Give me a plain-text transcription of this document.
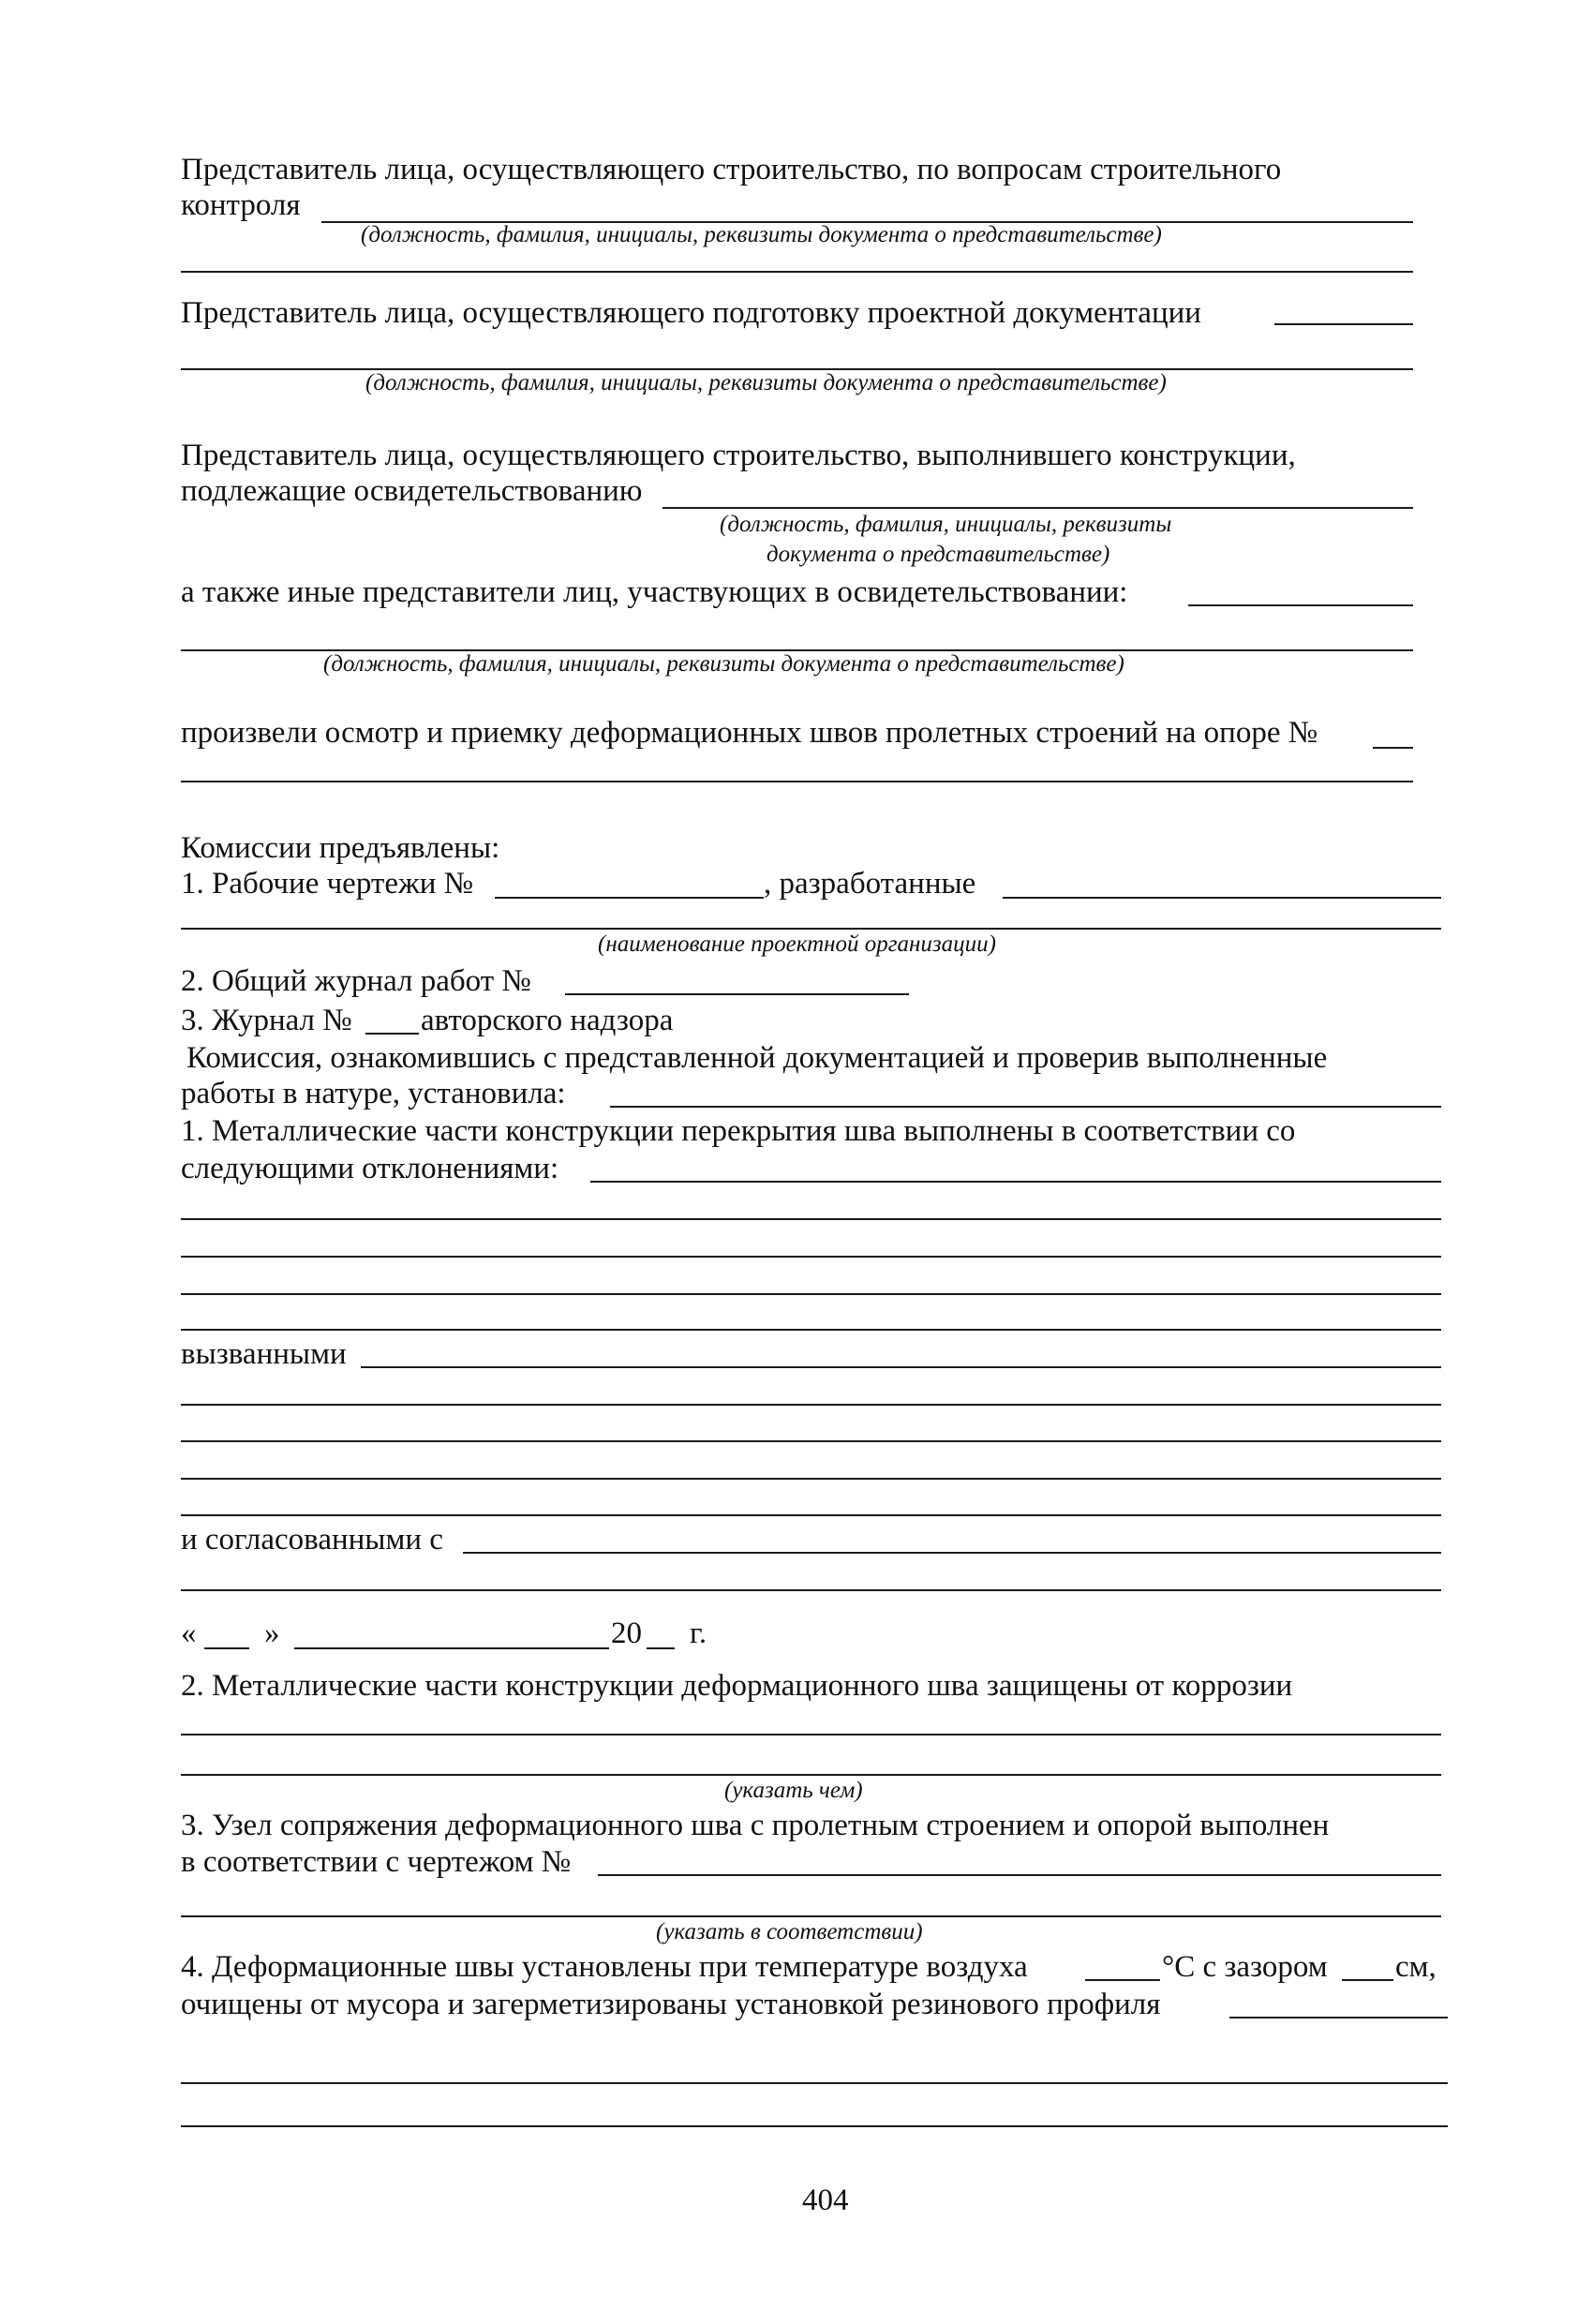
Представитель лица, осуществляющего строительство, по вопросам строительного
контроля
(должность, фамилия, инициалы, реквизиты документа о представительстве)
Представитель лица, осуществляющего подготовку проектной документации
(должность, фамилия, инициалы, реквизиты документа о представительстве)
Представитель лица, осуществляющего строительство, выполнившего конструкции,
подлежащие освидетельствованию
(должность, фамилия, инициалы, реквизиты
документа о представительстве)
а также иные представители лиц, участвующих в освидетельствовании:
(должность, фамилия, инициалы, реквизиты документа о представительстве)
произвели осмотр и приемку деформационных швов пролетных строений на опоре №
Комиссии предъявлены:
1. Рабочие чертежи №	, разработанные
(наименование проектной организации)
2. Общий журнал работ №
3. Журнал № авторского надзора
Комиссия, ознакомившись с представленной документацией и проверив выполненные
работы в натуре, установила:
1. Металлические части конструкции перекрытия шва выполнены в соответствии со
следующими отклонениями:
вызванными
и согласованными с
« »	20 г.
2. Металлические части конструкции деформационного шва защищены от коррозии
(указать чем)
3. Узел сопряжения деформационного шва с пролетным строением и опорой выполнен
в соответствии с чертежом №
(указать в соответствии)
4. Деформационные швы установлены при температуре воздуха	°С с зазором см,
очищены от мусора и загерметизированы установкой резинового профиля
404
